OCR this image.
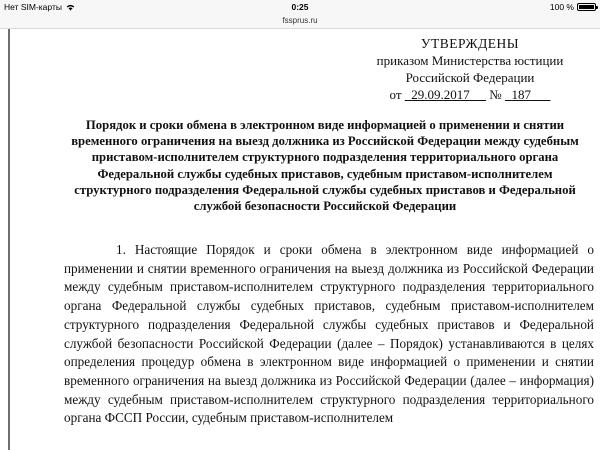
Нет SIM-карты	0:25	100 %
fssprus.ru
УТВЕРЖДЕНЫ
приказом Министерства юстиции
Российской Федерации
от 29.09.2017 № 187
Порядок и сроки обмена в электронном виде информацией о применении и снятии временного ограничения на выезд должника из Российской Федерации между судебным приставом-исполнителем структурного подразделения территориального органа Федеральной службы судебных приставов, судебным приставом-исполнителем структурного подразделения Федеральной службы судебных приставов и Федеральной службой безопасности Российской Федерации

1. Настоящие Порядок и сроки обмена в электронном виде информацией о применении и снятии временного ограничения на выезд должника из Российской Федерации между судебным приставом-исполнителем структурного подразделения территориального органа Федеральной службы судебных приставов, судебным приставом-исполнителем структурного подразделения Федеральной службы судебных приставов и Федеральной службой безопасности Российской Федерации (далее – Порядок) устанавливаются в целях определения процедур обмена в электронном виде информацией о применении и снятии временного ограничения на выезд должника из Российской Федерации (далее – информация) между судебным приставом-исполнителем структурного подразделения территориального органа ФССП России, судебным приставом-исполнителем
